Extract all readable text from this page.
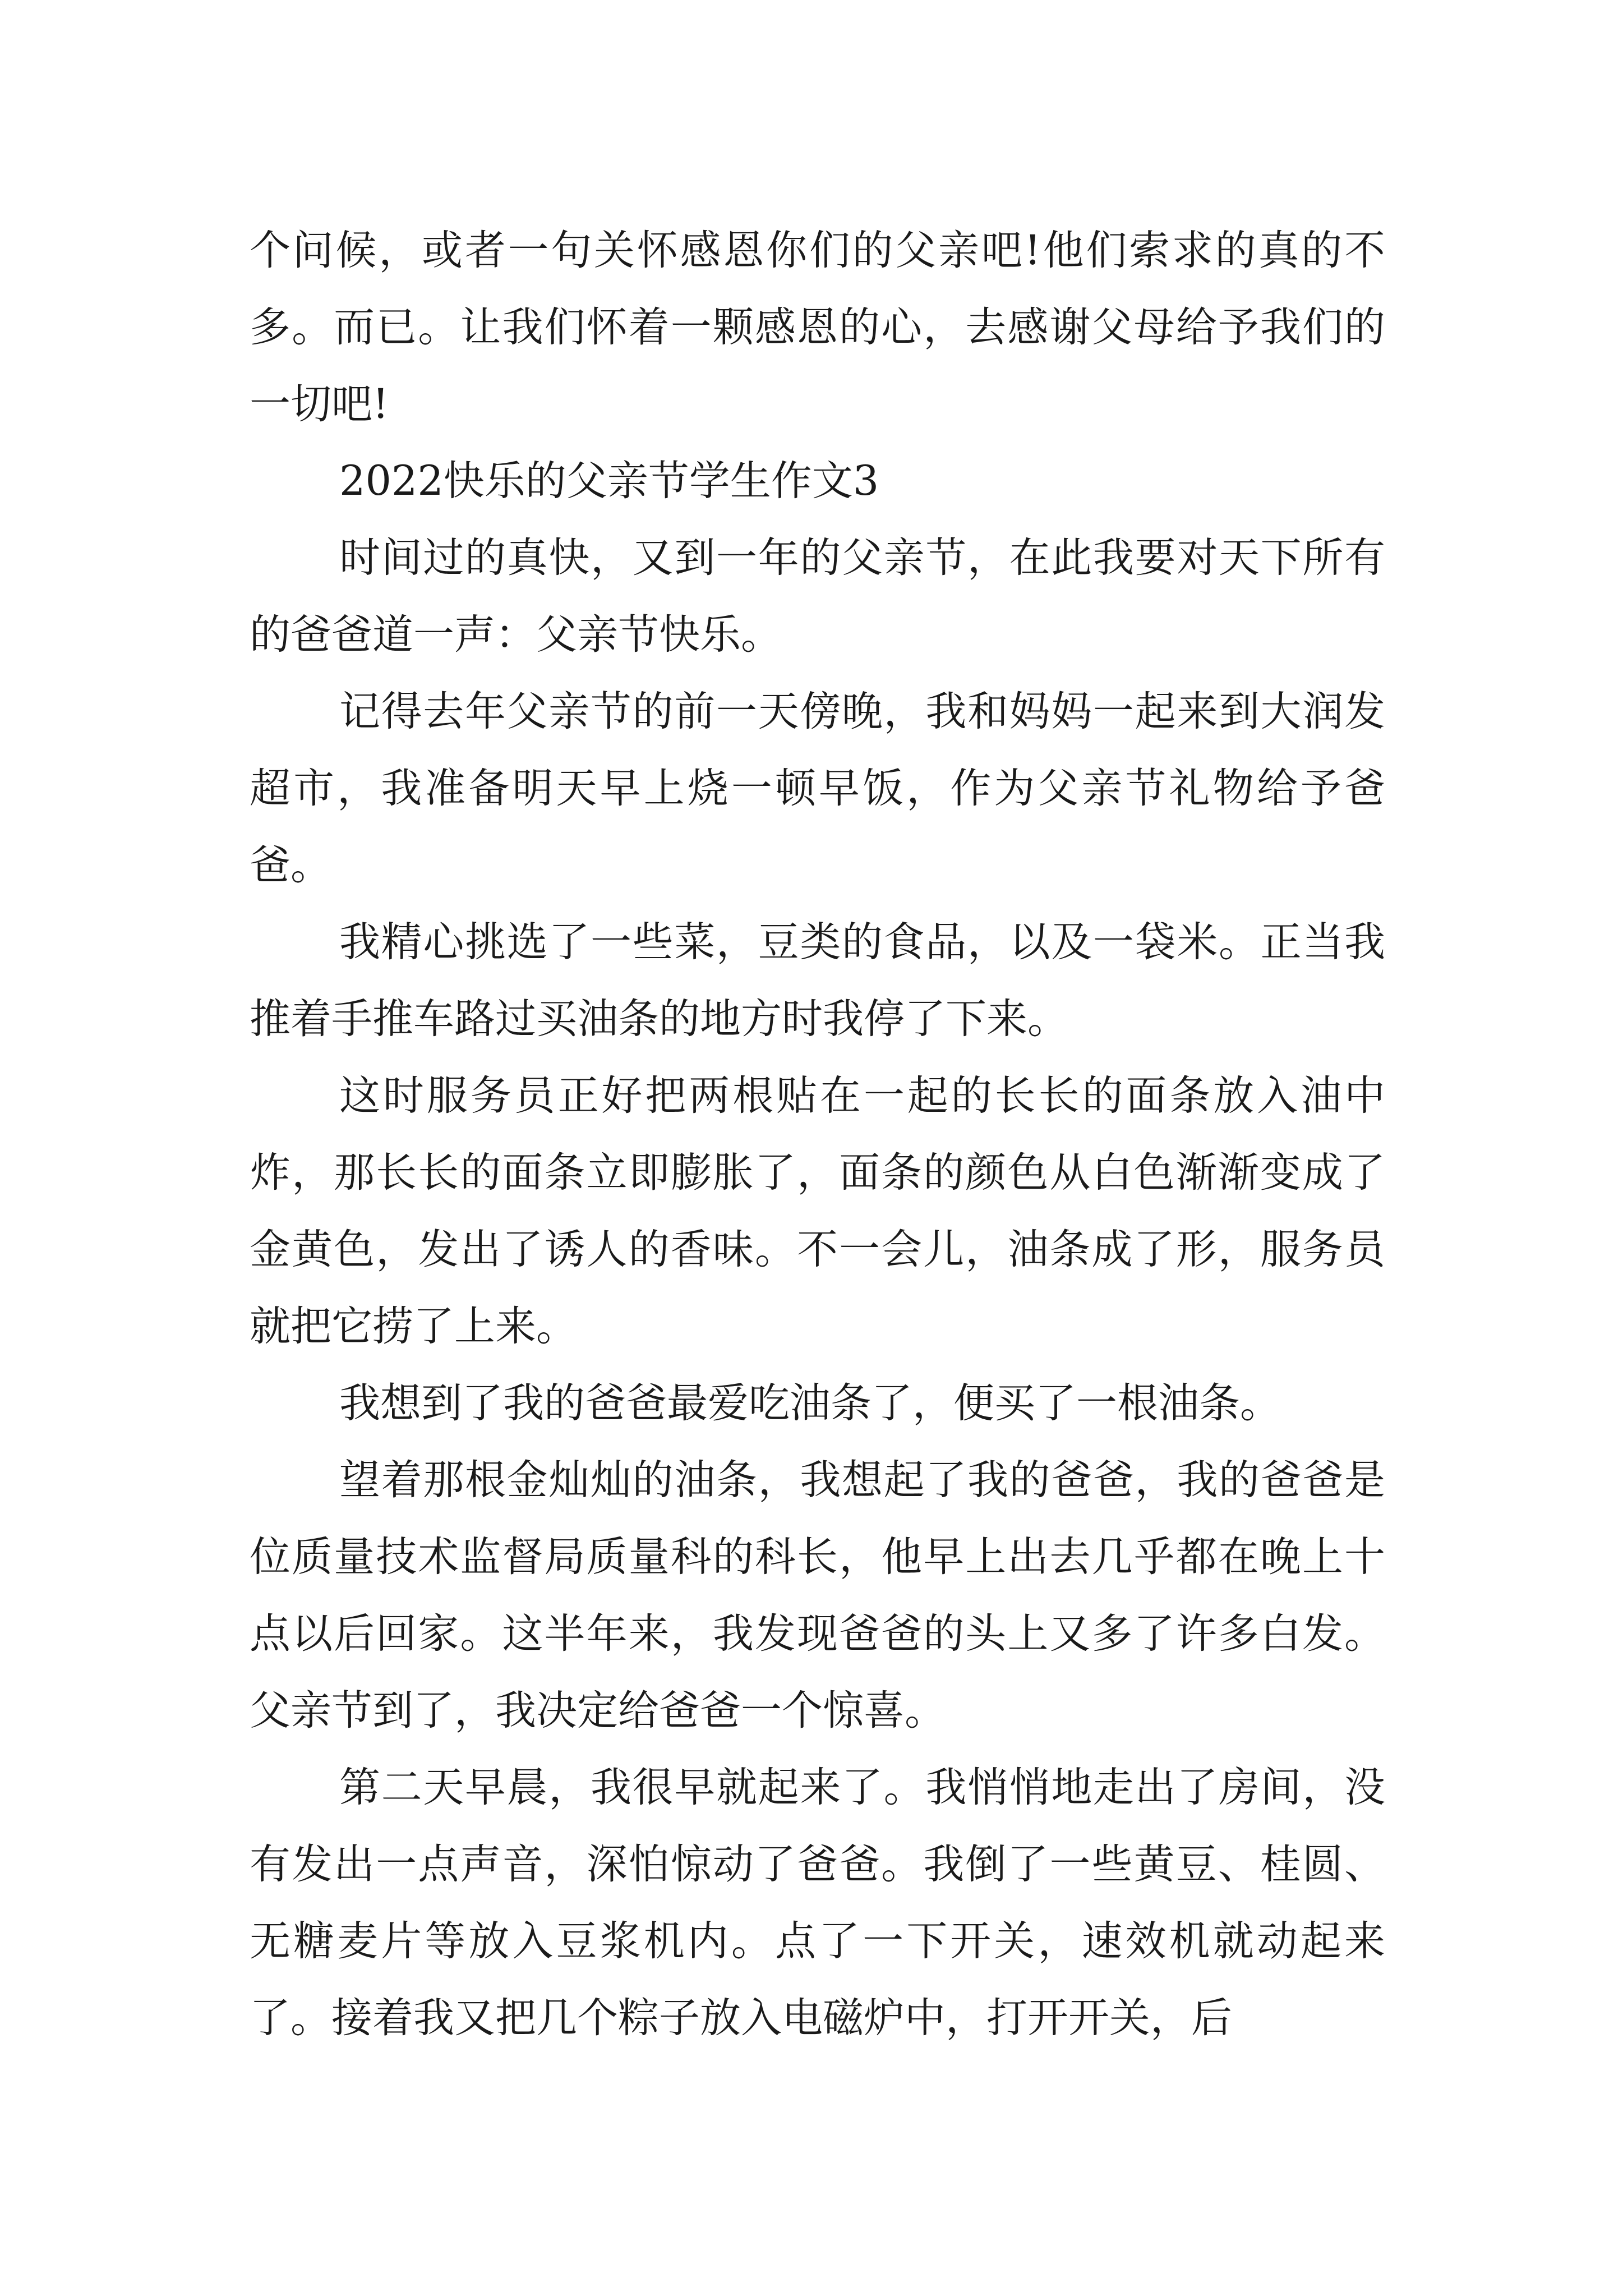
个问候，或者一句关怀感恩你们的父亲吧!他们索求的真的不多。而已。让我们怀着一颗感恩的心，去感谢父母给予我们的一切吧!

2022快乐的父亲节学生作文3

时间过的真快，又到一年的父亲节，在此我要对天下所有的爸爸道一声：父亲节快乐。

记得去年父亲节的前一天傍晚，我和妈妈一起来到大润发超市，我准备明天早上烧一顿早饭，作为父亲节礼物给予爸爸。

我精心挑选了一些菜，豆类的食品，以及一袋米。正当我推着手推车路过买油条的地方时我停了下来。

这时服务员正好把两根贴在一起的长长的面条放入油中炸，那长长的面条立即膨胀了，面条的颜色从白色渐渐变成了金黄色，发出了诱人的香味。不一会儿，油条成了形，服务员就把它捞了上来。

我想到了我的爸爸最爱吃油条了，便买了一根油条。

望着那根金灿灿的油条，我想起了我的爸爸，我的爸爸是位质量技术监督局质量科的科长，他早上出去几乎都在晚上十点以后回家。这半年来，我发现爸爸的头上又多了许多白发。父亲节到了，我决定给爸爸一个惊喜。

第二天早晨，我很早就起来了。我悄悄地走出了房间，没有发出一点声音，深怕惊动了爸爸。我倒了一些黄豆、桂圆、无糖麦片等放入豆浆机内。点了一下开关，速效机就动起来了。接着我又把几个粽子放入电磁炉中，打开开关，后
